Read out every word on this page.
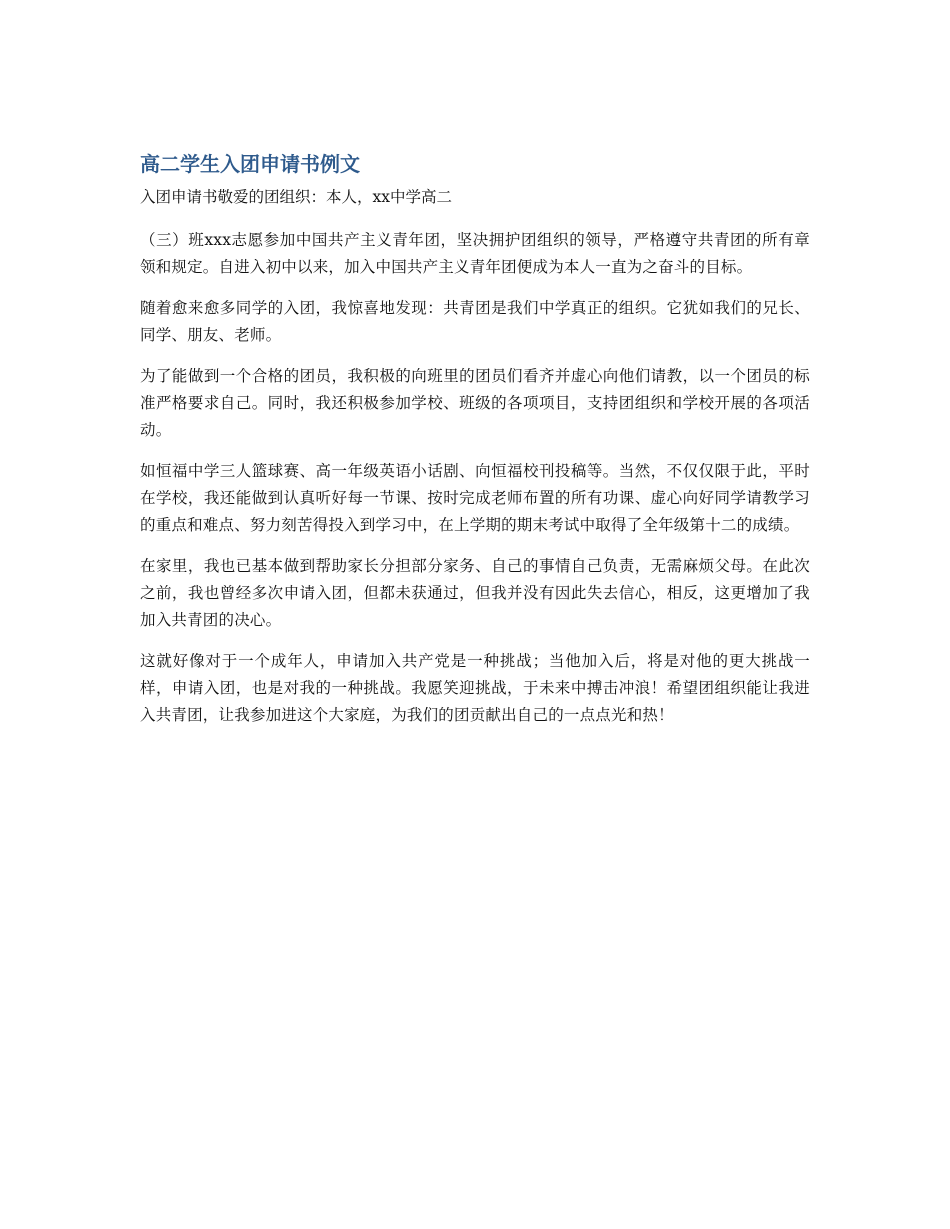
高二学生入团申请书例文

入团申请书敬爱的团组织：本人，xx中学高二

（三）班xxx志愿参加中国共产主义青年团，坚决拥护团组织的领导，严格遵守共青团的所有章领和规定。自进入初中以来，加入中国共产主义青年团便成为本人一直为之奋斗的目标。

随着愈来愈多同学的入团，我惊喜地发现：共青团是我们中学真正的组织。它犹如我们的兄长、同学、朋友、老师。

为了能做到一个合格的团员，我积极的向班里的团员们看齐并虚心向他们请教，以一个团员的标准严格要求自己。同时，我还积极参加学校、班级的各项项目，支持团组织和学校开展的各项活动。

如恒福中学三人篮球赛、高一年级英语小话剧、向恒福校刊投稿等。当然，不仅仅限于此，平时在学校，我还能做到认真听好每一节课、按时完成老师布置的所有功课、虚心向好同学请教学习的重点和难点、努力刻苦得投入到学习中，在上学期的期末考试中取得了全年级第十二的成绩。

在家里，我也已基本做到帮助家长分担部分家务、自己的事情自己负责，无需麻烦父母。在此次之前，我也曾经多次申请入团，但都未获通过，但我并没有因此失去信心，相反，这更增加了我加入共青团的决心。

这就好像对于一个成年人，申请加入共产党是一种挑战；当他加入后，将是对他的更大挑战一样，申请入团，也是对我的一种挑战。我愿笑迎挑战，于未来中搏击冲浪！希望团组织能让我进入共青团，让我参加进这个大家庭，为我们的团贡献出自己的一点点光和热！
